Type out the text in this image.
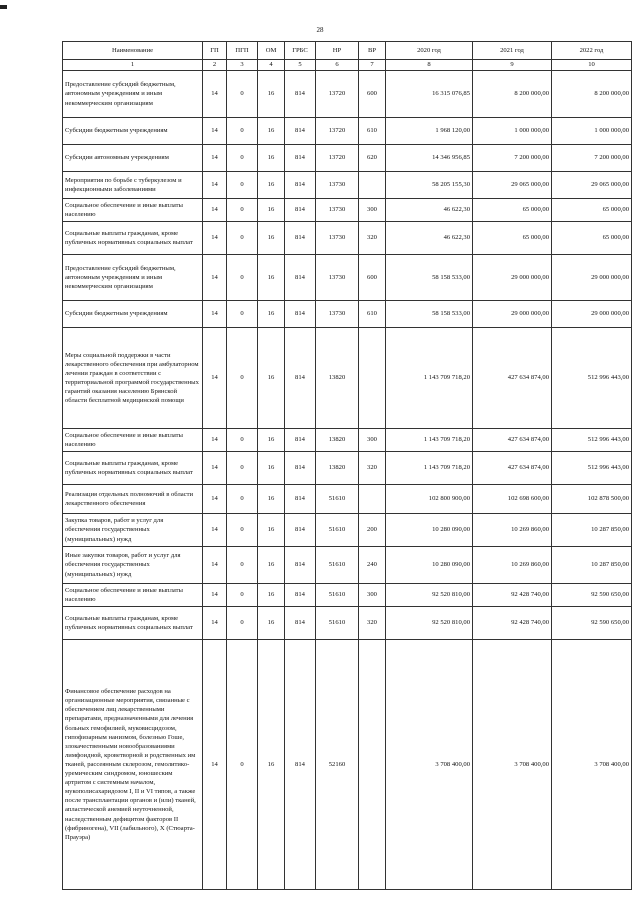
28
Наименование	ГП	ПГП	ОМ	ГРБС	НР	ВР	2020 год	2021 год	2022 год
1	2	3	4	5	6	7	8	9	10
Предоставление субсидий бюджетным, автономным учреждениям и иным некоммерческим организациям	14	0	16	814	13720	600	16 315 076,85	8 200 000,00	8 200 000,00
Субсидии бюджетным учреждениям	14	0	16	814	13720	610	1 968 120,00	1 000 000,00	1 000 000,00
Субсидии автономным учреждениям	14	0	16	814	13720	620	14 346 956,85	7 200 000,00	7 200 000,00
Мероприятия по борьбе с туберкулезом и инфекционными заболеваниями	14	0	16	814	13730		58 205 155,30	29 065 000,00	29 065 000,00
Социальное обеспечение и иные выплаты населению	14	0	16	814	13730	300	46 622,30	65 000,00	65 000,00
Социальные выплаты гражданам, кроме публичных нормативных социальных выплат	14	0	16	814	13730	320	46 622,30	65 000,00	65 000,00
Предоставление субсидий бюджетным, автономным учреждениям и иным некоммерческим организациям	14	0	16	814	13730	600	58 158 533,00	29 000 000,00	29 000 000,00
Субсидии бюджетным учреждениям	14	0	16	814	13730	610	58 158 533,00	29 000 000,00	29 000 000,00
Меры социальной поддержки в части лекарственного обеспечения при амбулаторном лечении граждан в соответствии с территориальной программой государственных гарантий оказания населению Брянской области бесплатной медицинской помощи	14	0	16	814	13820		1 143 709 718,20	427 634 874,00	512 996 443,00
Социальное обеспечение и иные выплаты населению	14	0	16	814	13820	300	1 143 709 718,20	427 634 874,00	512 996 443,00
Социальные выплаты гражданам, кроме публичных нормативных социальных выплат	14	0	16	814	13820	320	1 143 709 718,20	427 634 874,00	512 996 443,00
Реализация отдельных полномочий в области лекарственного обеспечения	14	0	16	814	51610		102 800 900,00	102 698 600,00	102 878 500,00
Закупка товаров, работ и услуг для обеспечения государственных (муниципальных) нужд	14	0	16	814	51610	200	10 280 090,00	10 269 860,00	10 287 850,00
Иные закупки товаров, работ и услуг для обеспечения государственных (муниципальных) нужд	14	0	16	814	51610	240	10 280 090,00	10 269 860,00	10 287 850,00
Социальное обеспечение и иные выплаты населению	14	0	16	814	51610	300	92 520 810,00	92 428 740,00	92 590 650,00
Социальные выплаты гражданам, кроме публичных нормативных социальных выплат	14	0	16	814	51610	320	92 520 810,00	92 428 740,00	92 590 650,00
Финансовое обеспечение расходов на организационные мероприятия, связанные с обеспечением лиц лекарственными препаратами, предназначенными для лечения больных гемофилией, муковисцидозом, гипофизарным нанизмом, болезнью Гоше, злокачественными новообразованиями лимфоидной, кроветворной и родственных им тканей, рассеянным склерозом, гемолитико-уремическим синдромом, юношеским артритом с системным началом, мукополисахаридозом I, II и VI типов, а также после трансплантации органов и (или) тканей, апластической анемией неуточненной, наследственным дефицитом факторов II (фибриногена), VII (лабильного), X (Стюарта-Прауэра)	14	0	16	814	52160		3 708 400,00	3 708 400,00	3 708 400,00
